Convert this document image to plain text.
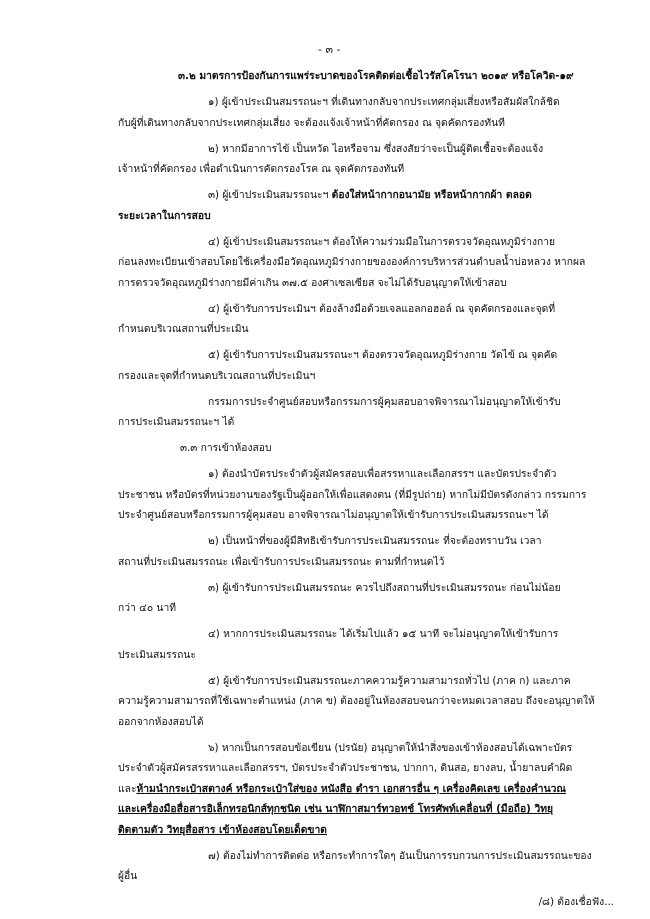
- ๓ -
๓.๒ มาตรการป้องกันการแพร่ระบาดของโรคติดต่อเชื้อไวรัสโคโรนา ๒๐๑๙ หรือโควิด-๑๙
๑) ผู้เข้าประเมินสมรรถนะฯ ที่เดินทางกลับจากประเทศกลุ่มเสี่ยงหรือสัมผัสใกล้ชิด
กับผู้ที่เดินทางกลับจากประเทศกลุ่มเสี่ยง จะต้องแจ้งเจ้าหน้าที่คัดกรอง ณ จุดคัดกรองทันที
๒) หากมีอาการไข้ เป็นหวัด ไอหรือจาม ซึ่งสงสัยว่าจะเป็นผู้ติดเชื้อจะต้องแจ้ง
เจ้าหน้าที่คัดกรอง เพื่อดำเนินการคัดกรองโรค ณ จุดคัดกรองทันที
๓) ผู้เข้าประเมินสมรรถนะฯ ต้องใส่หน้ากากอนามัย หรือหน้ากากผ้า ตลอด
ระยะเวลาในการสอบ
๔) ผู้เข้าประเมินสมรรถนะฯ ต้องให้ความร่วมมือในการตรวจวัดอุณหภูมิร่างกาย
ก่อนลงทะเบียนเข้าสอบโดยใช้เครื่องมือวัดอุณหภูมิร่างกายขององค์การบริหารส่วนตำบลน้ำบ่อหลวง หากผล
การตรวจวัดอุณหภูมิร่างกายมีค่าเกิน ๓๗.๕ องศาเซลเซียส จะไม่ได้รับอนุญาตให้เข้าสอบ
๔) ผู้เข้ารับการประเมินฯ ต้องล้างมือด้วยเจลแอลกอฮอล์ ณ จุดคัดกรองและจุดที่
กำหนดบริเวณสถานที่ประเมิน
๕) ผู้เข้ารับการประเมินสมรรถนะฯ ต้องตรวจวัดอุณหภูมิร่างกาย วัดไข้ ณ จุดคัด
กรองและจุดที่กำหนดบริเวณสถานที่ประเมินฯ
กรรมการประจำศูนย์สอบหรือกรรมการผู้คุมสอบอาจพิจารณาไม่อนุญาตให้เข้ารับ
การประเมินสมรรถนะฯ ได้
๓.๓ การเข้าห้องสอบ
๑) ต้องนำบัตรประจำตัวผู้สมัครสอบเพื่อสรรหาและเลือกสรรฯ และบัตรประจำตัว
ประชาชน หรือบัตรที่หน่วยงานของรัฐเป็นผู้ออกให้เพื่อแสดงตน (ที่มีรูปถ่าย) หากไม่มีบัตรดังกล่าว กรรมการ
ประจำศูนย์สอบหรือกรรมการผู้คุมสอบ อาจพิจารณาไม่อนุญาตให้เข้ารับการประเมินสมรรถนะฯ ได้
๒) เป็นหน้าที่ของผู้มีสิทธิเข้ารับการประเมินสมรรถนะ ที่จะต้องทราบวัน เวลา
สถานที่ประเมินสมรรถนะ เพื่อเข้ารับการประเมินสมรรถนะ ตามที่กำหนดไว้
๓) ผู้เข้ารับการประเมินสมรรถนะ ควรไปถึงสถานที่ประเมินสมรรถนะ ก่อนไม่น้อย
กว่า ๔๐ นาที
๔) หากการประเมินสมรรถนะ ได้เริ่มไปแล้ว ๑๕ นาที จะไม่อนุญาตให้เข้ารับการ
ประเมินสมรรถนะ
๕) ผู้เข้ารับการประเมินสมรรถนะภาคความรู้ความสามารถทั่วไป (ภาค ก) และภาค
ความรู้ความสามารถที่ใช้เฉพาะตำแหน่ง (ภาค ข) ต้องอยู่ในห้องสอบจนกว่าจะหมดเวลาสอบ ถึงจะอนุญาตให้
ออกจากห้องสอบได้
๖) หากเป็นการสอบข้อเขียน (ปรนัย) อนุญาตให้นำสิ่งของเข้าห้องสอบได้เฉพาะบัตร
ประจำตัวผู้สมัครสรรหาและเลือกสรรฯ, บัตรประจำตัวประชาชน, ปากกา, ดินสอ, ยางลบ, น้ำยาลบคำผิด
และห้ามนำกระเป๋าสตางค์ หรือกระเป๋าใส่ของ หนังสือ ตำรา เอกสารอื่น ๆ เครื่องคิดเลข เครื่องคำนวณ
และเครื่องมือสื่อสารอิเล็กทรอนิกส์ทุกชนิด เช่น นาฬิกาสมาร์ทวอทช์ โทรศัพท์เคลื่อนที่ (มือถือ) วิทยุ
ติดตามตัว วิทยุสื่อสาร เข้าห้องสอบโดยเด็ดขาด
๗) ต้องไม่ทำการติดต่อ หรือกระทำการใดๆ อันเป็นการรบกวนการประเมินสมรรถนะของ
ผู้อื่น
/๘) ต้องเชื่อฟัง...
